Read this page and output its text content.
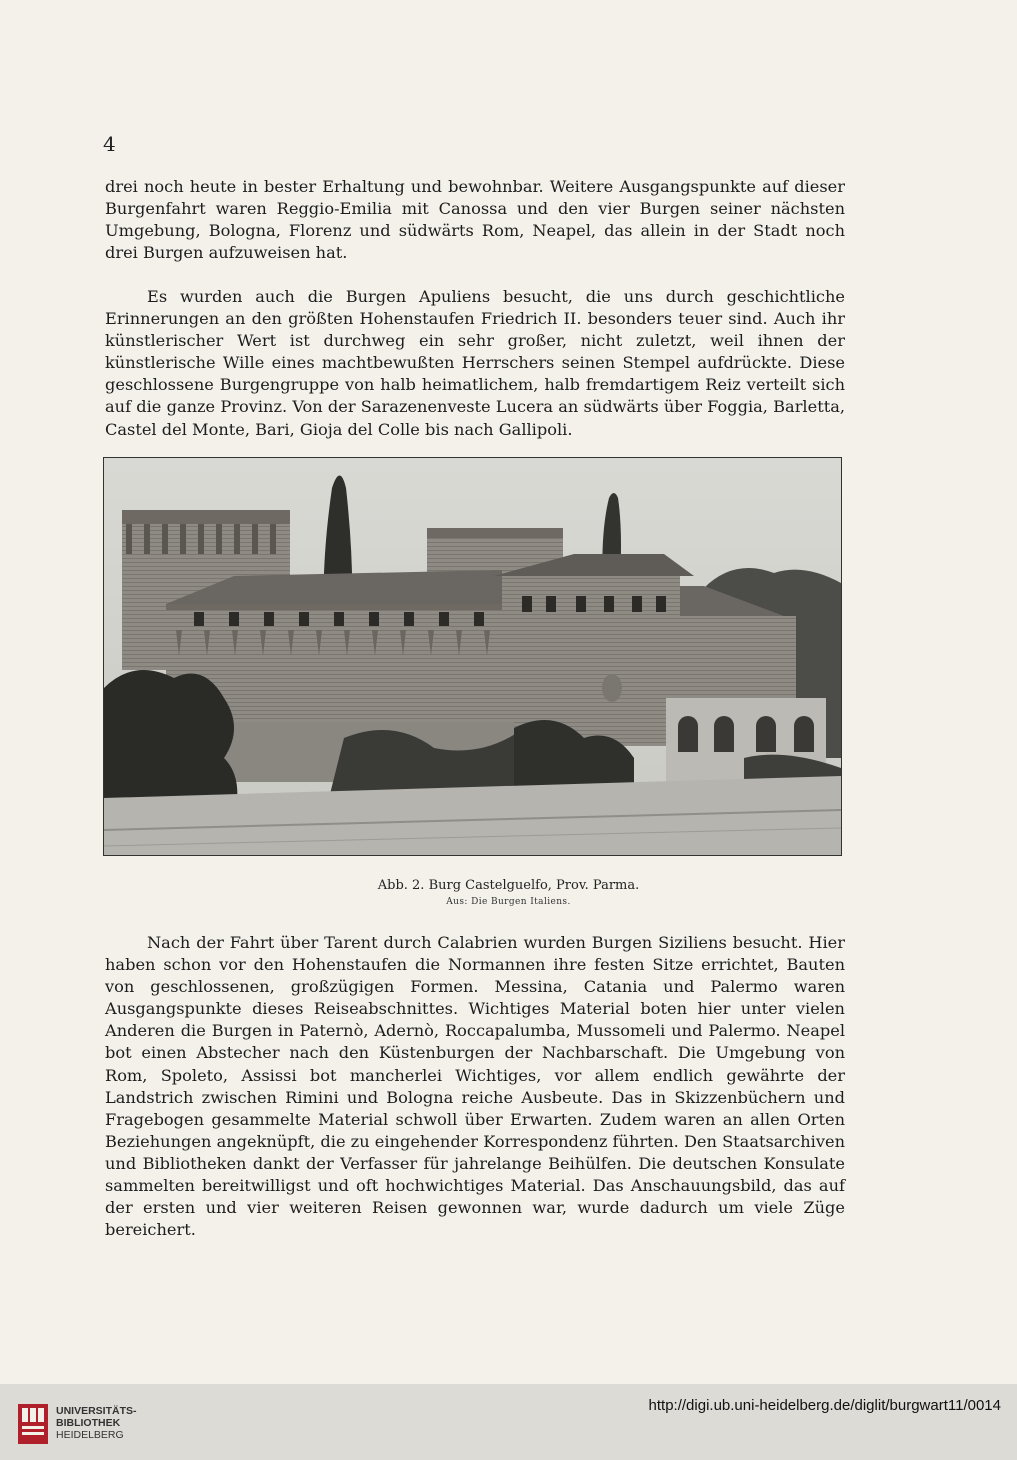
4

drei noch heute in bester Erhaltung und bewohnbar. Weitere Ausgangspunkte auf dieser Burgenfahrt waren Reggio-Emilia mit Canossa und den vier Burgen seiner nächsten Umgebung, Bologna, Florenz und südwärts Rom, Neapel, das allein in der Stadt noch drei Burgen aufzuweisen hat.

Es wurden auch die Burgen Apuliens besucht, die uns durch geschichtliche Erinnerungen an den größten Hohenstaufen Friedrich II. besonders teuer sind. Auch ihr künstlerischer Wert ist durchweg ein sehr großer, nicht zuletzt, weil ihnen der künstlerische Wille eines machtbewußten Herrschers seinen Stempel aufdrückte. Diese geschlossene Burgengruppe von halb heimatlichem, halb fremdartigem Reiz verteilt sich auf die ganze Provinz. Von der Sarazenenveste Lucera an südwärts über Foggia, Barletta, Castel del Monte, Bari, Gioja del Colle bis nach Gallipoli.

Abb. 2. Burg Castelguelfo, Prov. Parma.
Aus: Die Burgen Italiens.

Nach der Fahrt über Tarent durch Calabrien wurden Burgen Siziliens besucht. Hier haben schon vor den Hohenstaufen die Normannen ihre festen Sitze errichtet, Bauten von geschlossenen, großzügigen Formen. Messina, Catania und Palermo waren Ausgangspunkte dieses Reiseabschnittes. Wichtiges Material boten hier unter vielen Anderen die Burgen in Paternò, Adernò, Roccapalumba, Mussomeli und Palermo. Neapel bot einen Abstecher nach den Küstenburgen der Nachbarschaft. Die Umgebung von Rom, Spoleto, Assissi bot mancherlei Wichtiges, vor allem endlich gewährte der Landstrich zwischen Rimini und Bologna reiche Ausbeute. Das in Skizzenbüchern und Fragebogen gesammelte Material schwoll über Erwarten. Zudem waren an allen Orten Beziehungen angeknüpft, die zu eingehender Korrespondenz führten. Den Staatsarchiven und Bibliotheken dankt der Verfasser für jahrelange Beihülfen. Die deutschen Konsulate sammelten bereitwilligst und oft hochwichtiges Material. Das Anschauungsbild, das auf der ersten und vier weiteren Reisen gewonnen war, wurde dadurch um viele Züge bereichert.

UNIVERSITÄTS-
BIBLIOTHEK
HEIDELBERG
http://digi.ub.uni-heidelberg.de/diglit/burgwart11/0014
